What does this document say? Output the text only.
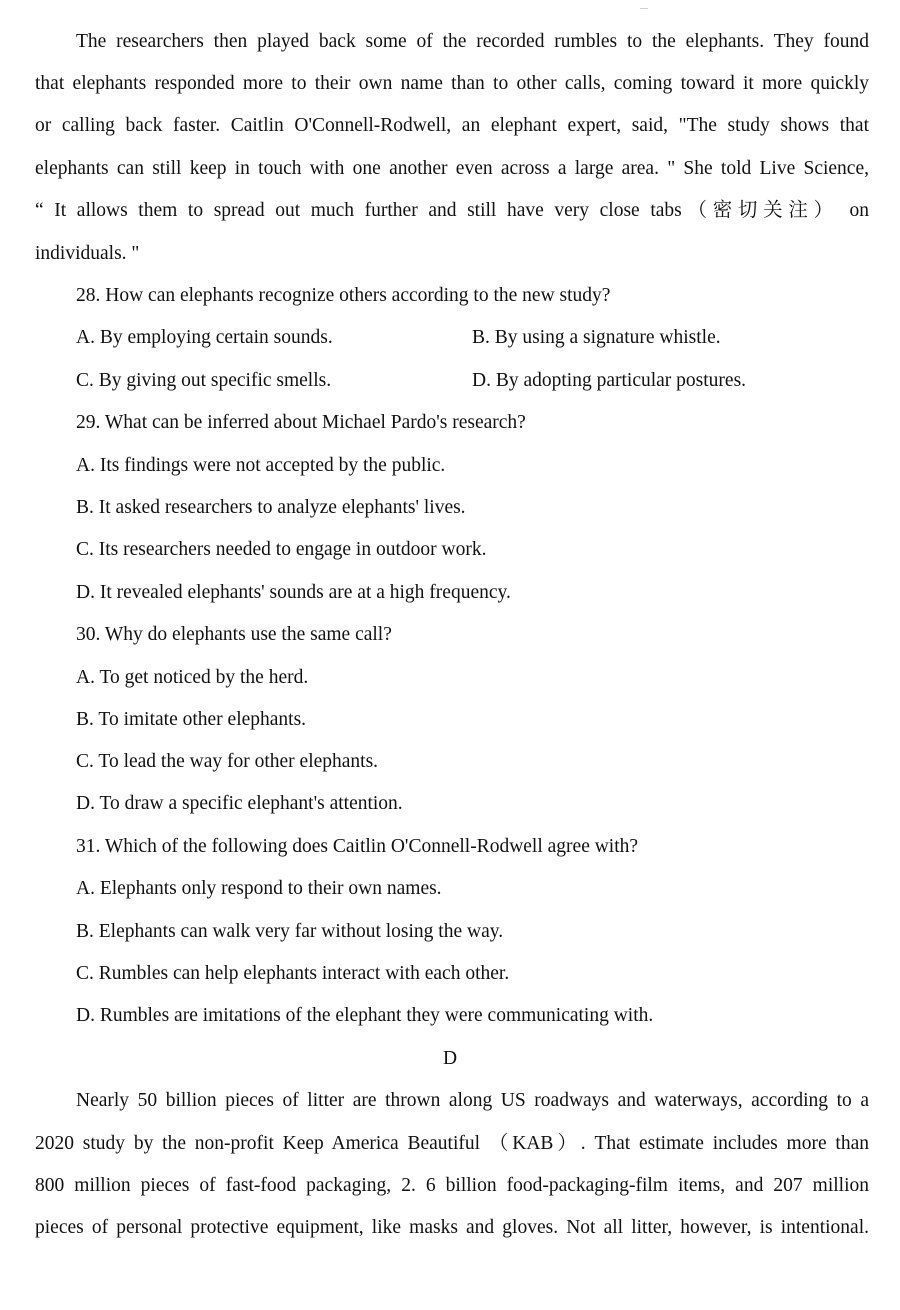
The researchers then played back some of the recorded rumbles to the elephants. They found
that elephants responded more to their own name than to other calls, coming toward it more quickly
or calling back faster. Caitlin O'Connell-Rodwell, an elephant expert, said, "The study shows that
elephants can still keep in touch with one another even across a large area. " She told Live Science,
“ It allows them to spread out much further and still have very close tabs（密切关注） on
individuals. "
28. How can elephants recognize others according to the new study?
A. By employing certain sounds.	B. By using a signature whistle.
C. By giving out specific smells.	D. By adopting particular postures.
29. What can be inferred about Michael Pardo's research?
A. Its findings were not accepted by the public.
B. It asked researchers to analyze elephants' lives.
C. Its researchers needed to engage in outdoor work.
D. It revealed elephants' sounds are at a high frequency.
30. Why do elephants use the same call?
A. To get noticed by the herd.
B. To imitate other elephants.
C. To lead the way for other elephants.
D. To draw a specific elephant's attention.
31. Which of the following does Caitlin O'Connell-Rodwell agree with?
A. Elephants only respond to their own names.
B. Elephants can walk very far without losing the way.
C. Rumbles can help elephants interact with each other.
D. Rumbles are imitations of the elephant they were communicating with.
D
Nearly 50 billion pieces of litter are thrown along US roadways and waterways, according to a
2020 study by the non-profit Keep America Beautiful （KAB）. That estimate includes more than
800 million pieces of fast-food packaging, 2. 6 billion food-packaging-film items, and 207 million
pieces of personal protective equipment, like masks and gloves. Not all litter, however, is intentional.
